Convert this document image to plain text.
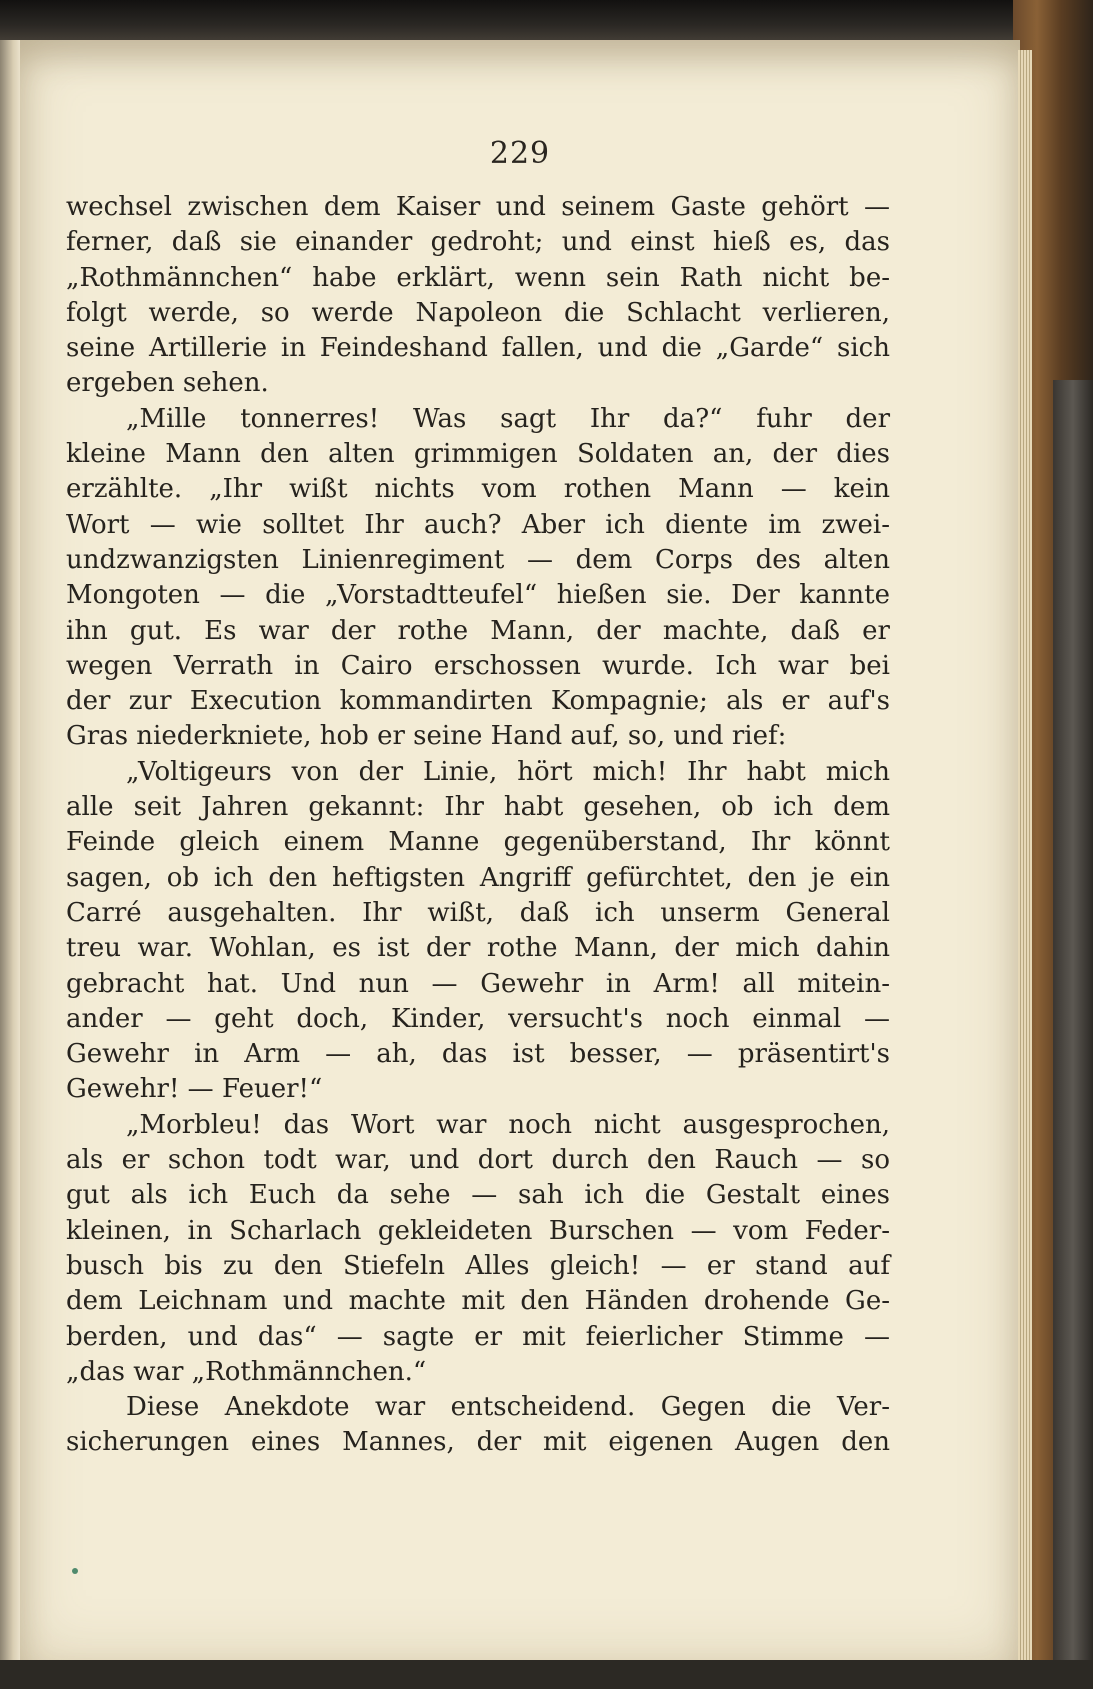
229
wechsel zwischen dem Kaiser und seinem Gaste gehört —
ferner, daß sie einander gedroht; und einst hieß es, das
„Rothmännchen“ habe erklärt, wenn sein Rath nicht be-
folgt werde, so werde Napoleon die Schlacht verlieren,
seine Artillerie in Feindeshand fallen, und die „Garde“ sich
ergeben sehen.
„Mille tonnerres! Was sagt Ihr da?“ fuhr der
kleine Mann den alten grimmigen Soldaten an, der dies
erzählte. „Ihr wißt nichts vom rothen Mann — kein
Wort — wie solltet Ihr auch? Aber ich diente im zwei-
undzwanzigsten Linienregiment — dem Corps des alten
Mongoten — die „Vorstadtteufel“ hießen sie. Der kannte
ihn gut. Es war der rothe Mann, der machte, daß er
wegen Verrath in Cairo erschossen wurde. Ich war bei
der zur Execution kommandirten Kompagnie; als er auf's
Gras niederkniete, hob er seine Hand auf, so, und rief:
„Voltigeurs von der Linie, hört mich! Ihr habt mich
alle seit Jahren gekannt: Ihr habt gesehen, ob ich dem
Feinde gleich einem Manne gegenüberstand, Ihr könnt
sagen, ob ich den heftigsten Angriff gefürchtet, den je ein
Carré ausgehalten. Ihr wißt, daß ich unserm General
treu war. Wohlan, es ist der rothe Mann, der mich dahin
gebracht hat. Und nun — Gewehr in Arm! all mitein-
ander — geht doch, Kinder, versucht's noch einmal —
Gewehr in Arm — ah, das ist besser, — präsentirt's
Gewehr! — Feuer!“
„Morbleu! das Wort war noch nicht ausgesprochen,
als er schon todt war, und dort durch den Rauch — so
gut als ich Euch da sehe — sah ich die Gestalt eines
kleinen, in Scharlach gekleideten Burschen — vom Feder-
busch bis zu den Stiefeln Alles gleich! — er stand auf
dem Leichnam und machte mit den Händen drohende Ge-
berden, und das“ — sagte er mit feierlicher Stimme —
„das war „Rothmännchen.“
Diese Anekdote war entscheidend. Gegen die Ver-
sicherungen eines Mannes, der mit eigenen Augen den
